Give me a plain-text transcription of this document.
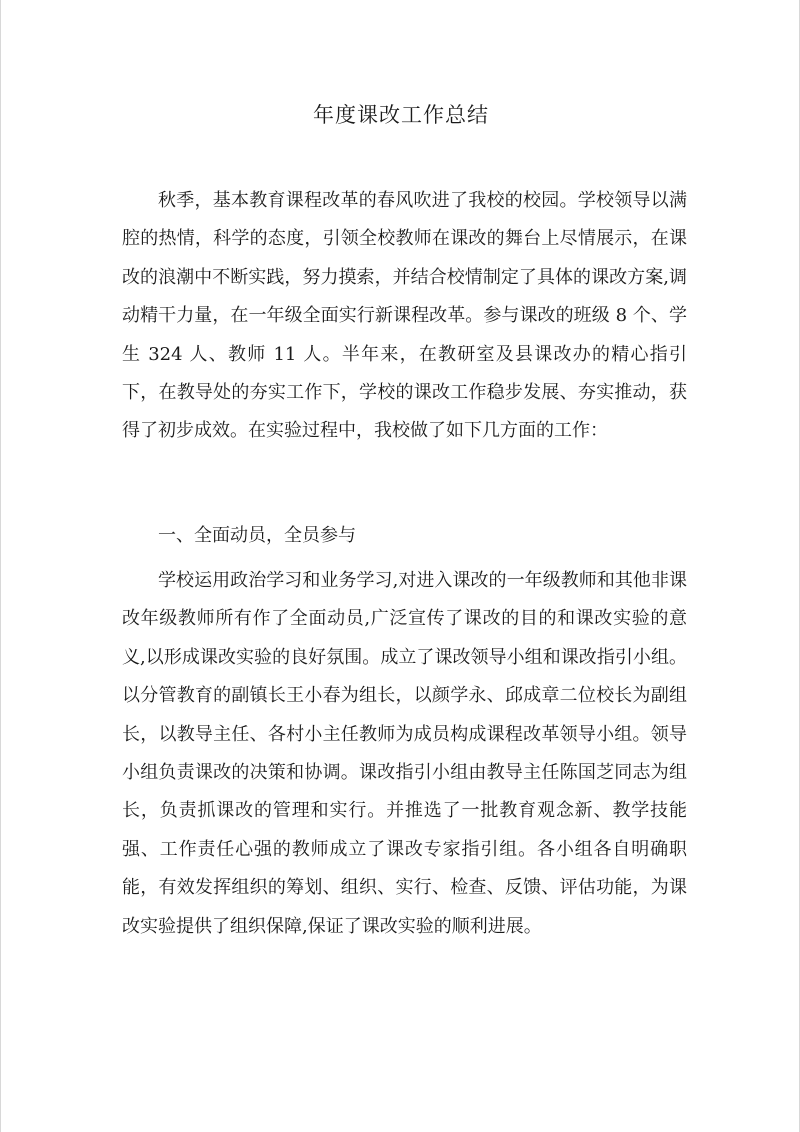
年度课改工作总结

秋季，基本教育课程改革的春风吹进了我校的校园。学校领导以满腔的热情，科学的态度，引领全校教师在课改的舞台上尽情展示，在课改的浪潮中不断实践，努力摸索，并结合校情制定了具体的课改方案,调动精干力量，在一年级全面实行新课程改革。参与课改的班级 8 个、学生 324 人、教师 11 人。半年来，在教研室及县课改办的精心指引下，在教导处的夯实工作下，学校的课改工作稳步发展、夯实推动，获得了初步成效。在实验过程中，我校做了如下几方面的工作：

一、全面动员，全员参与

学校运用政治学习和业务学习,对进入课改的一年级教师和其他非课改年级教师所有作了全面动员,广泛宣传了课改的目的和课改实验的意义,以形成课改实验的良好氛围。成立了课改领导小组和课改指引小组。以分管教育的副镇长王小春为组长，以颜学永、邱成章二位校长为副组长，以教导主任、各村小主任教师为成员构成课程改革领导小组。领导小组负责课改的决策和协调。课改指引小组由教导主任陈国芝同志为组长，负责抓课改的管理和实行。并推选了一批教育观念新、教学技能强、工作责任心强的教师成立了课改专家指引组。各小组各自明确职能，有效发挥组织的筹划、组织、实行、检查、反馈、评估功能，为课改实验提供了组织保障,保证了课改实验的顺利进展。
